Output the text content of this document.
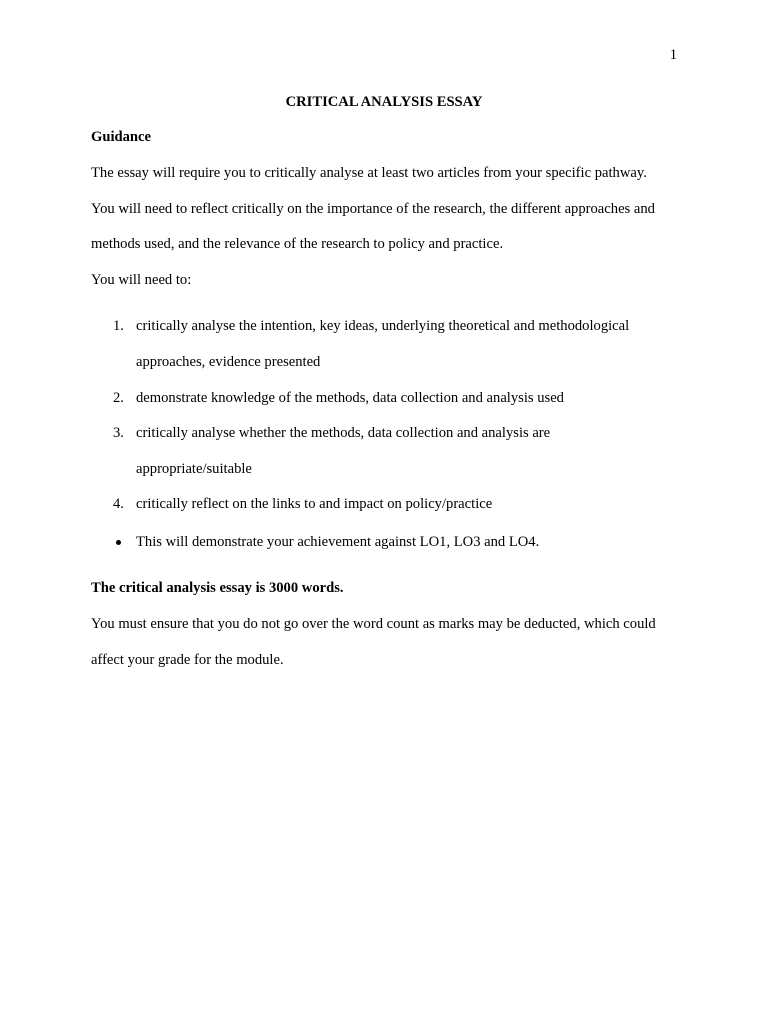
1
CRITICAL ANALYSIS ESSAY
Guidance
The essay will require you to critically analyse at least two articles from your specific pathway.
You will need to reflect critically on the importance of the research, the different approaches and
methods used, and the relevance of the research to policy and practice.
You will need to:
1. critically analyse the intention, key ideas, underlying theoretical and methodological
approaches, evidence presented
2. demonstrate knowledge of the methods, data collection and analysis used
3. critically analyse whether the methods, data collection and analysis are
appropriate/suitable
4. critically reflect on the links to and impact on policy/practice
This will demonstrate your achievement against LO1, LO3 and LO4.
The critical analysis essay is 3000 words.
You must ensure that you do not go over the word count as marks may be deducted, which could
affect your grade for the module.
